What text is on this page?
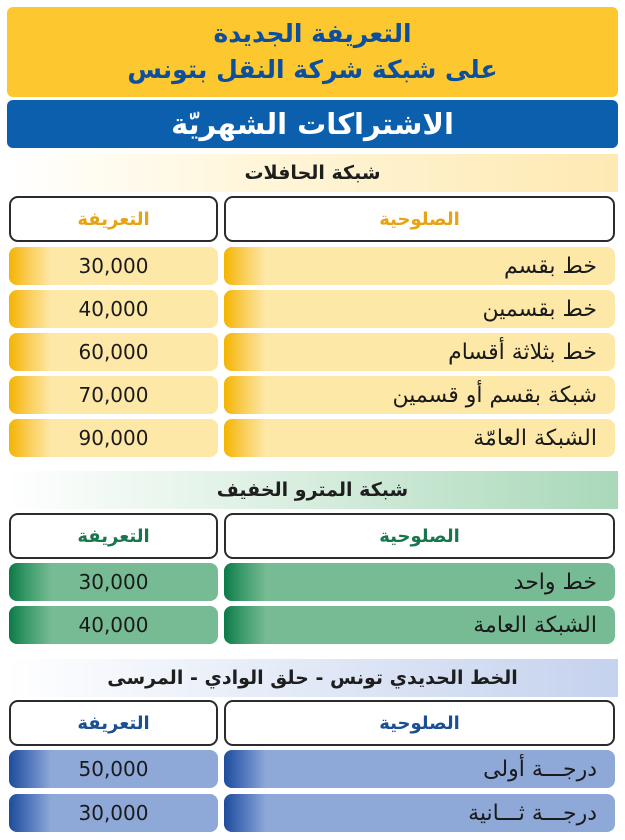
التعريفة الجديدة
على شبكة شركة النقل بتونس
الاشتراكات الشهريّة
شبكة الحافلات
الصلوحية
التعريفة
خط بقسم
30,000
خط بقسمين
40,000
خط بثلاثة أقسام
60,000
شبكة بقسم أو قسمين
70,000
الشبكة العامّة
90,000
شبكة المترو الخفيف
الصلوحية
التعريفة
خط واحد
30,000
الشبكة العامة
40,000
الخط الحديدي تونس - حلق الوادي - المرسى
الصلوحية
التعريفة
درجـــة أولى
50,000
درجـــة ثـــانية
30,000
